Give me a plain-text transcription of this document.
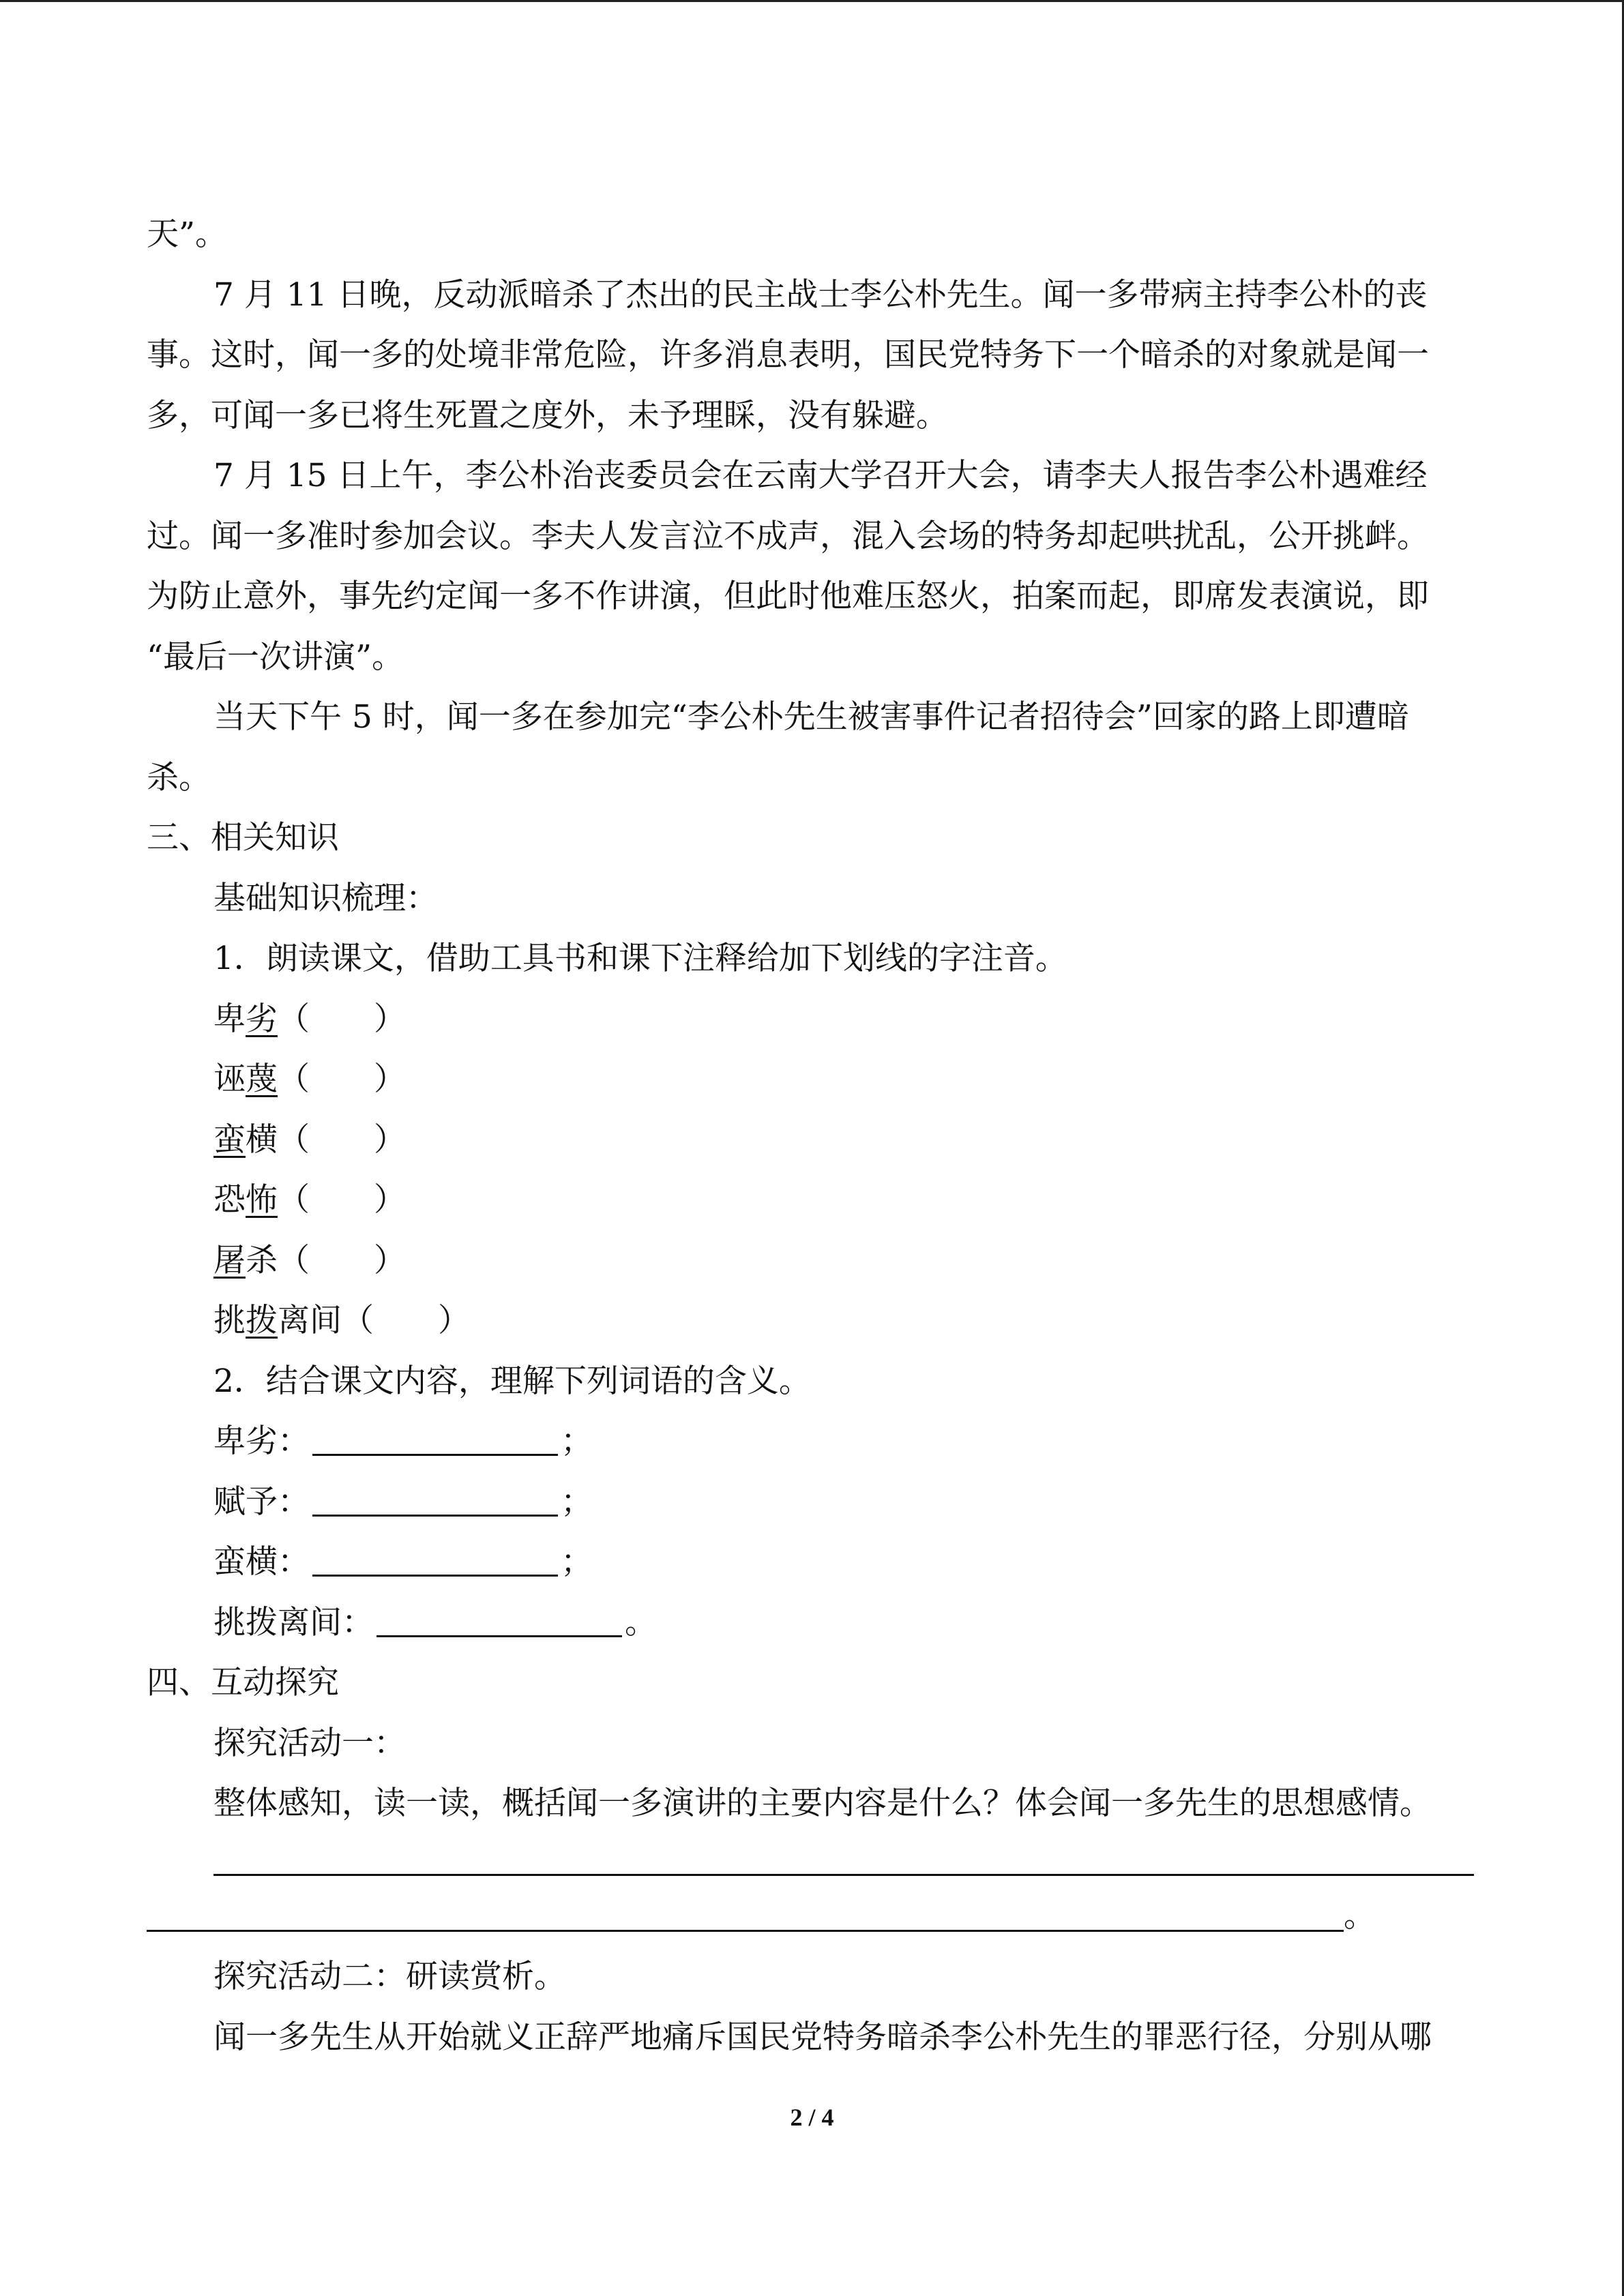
天”。
7 月 11 日晚，反动派暗杀了杰出的民主战士李公朴先生。闻一多带病主持李公朴的丧
事。这时，闻一多的处境非常危险，许多消息表明，国民党特务下一个暗杀的对象就是闻一
多，可闻一多已将生死置之度外，未予理睬，没有躲避。
7 月 15 日上午，李公朴治丧委员会在云南大学召开大会，请李夫人报告李公朴遇难经
过。闻一多准时参加会议。李夫人发言泣不成声，混入会场的特务却起哄扰乱，公开挑衅。
为防止意外，事先约定闻一多不作讲演，但此时他难压怒火，拍案而起，即席发表演说，即
“最后一次讲演”。
当天下午 5 时，闻一多在参加完“李公朴先生被害事件记者招待会”回家的路上即遭暗
杀。
三、相关知识
基础知识梳理：
1．朗读课文，借助工具书和课下注释给加下划线的字注音。
卑劣（　　）
诬蔑（　　）
蛮横（　　）
恐怖（　　）
屠杀（　　）
挑拨离间（　　）
2．结合课文内容，理解下列词语的含义。
卑劣：	；
赋予：	；
蛮横：	；
挑拨离间：	。
四、互动探究
探究活动一：
整体感知，读一读，概括闻一多演讲的主要内容是什么？体会闻一多先生的思想感情。
。
探究活动二：研读赏析。
闻一多先生从开始就义正辞严地痛斥国民党特务暗杀李公朴先生的罪恶行径，分别从哪
2 / 4
